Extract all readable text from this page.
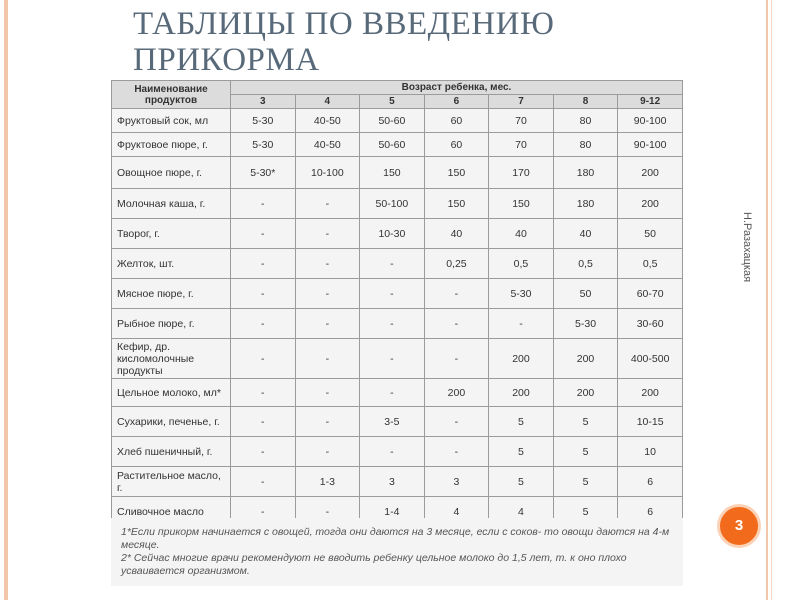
ТАБЛИЦЫ ПО ВВЕДЕНИЮ
ПРИКОРМА
Н.Разахацкая
Наименование продуктов	Возраст ребенка, мес.						
	3	4	5	6	7	8	9-12
Фруктовый сок, мл	5-30	40-50	50-60	60	70	80	90-100
Фруктовое пюре, г.	5-30	40-50	50-60	60	70	80	90-100
Овощное пюре, г.	5-30*	10-100	150	150	170	180	200
Молочная каша, г.	-	-	50-100	150	150	180	200
Творог, г.	-	-	10-30	40	40	40	50
Желток, шт.	-	-	-	0,25	0,5	0,5	0,5
Мясное пюре, г.	-	-	-	-	5-30	50	60-70
Рыбное пюре, г.	-	-	-	-	-	5-30	30-60
Кефир, др. кисломолочные продукты	-	-	-	-	200	200	400-500
Цельное молоко, мл*	-	-	-	200	200	200	200
Сухарики, печенье, г.	-	-	3-5	-	5	5	10-15
Хлеб пшеничный, г.	-	-	-	-	5	5	10
Растительное масло, г.	-	1-3	3	3	5	5	6
Сливочное масло	-	-	1-4	4	4	5	6

1*Если прикорм начинается с овощей, тогда они даются на 3 месяце, если с соков- то овощи даются на 4-м месяце.

2* Сейчас многие врачи рекомендуют не вводить ребенку цельное молоко до 1,5 лет, т. к оно плохо усваивается организмом.

3
